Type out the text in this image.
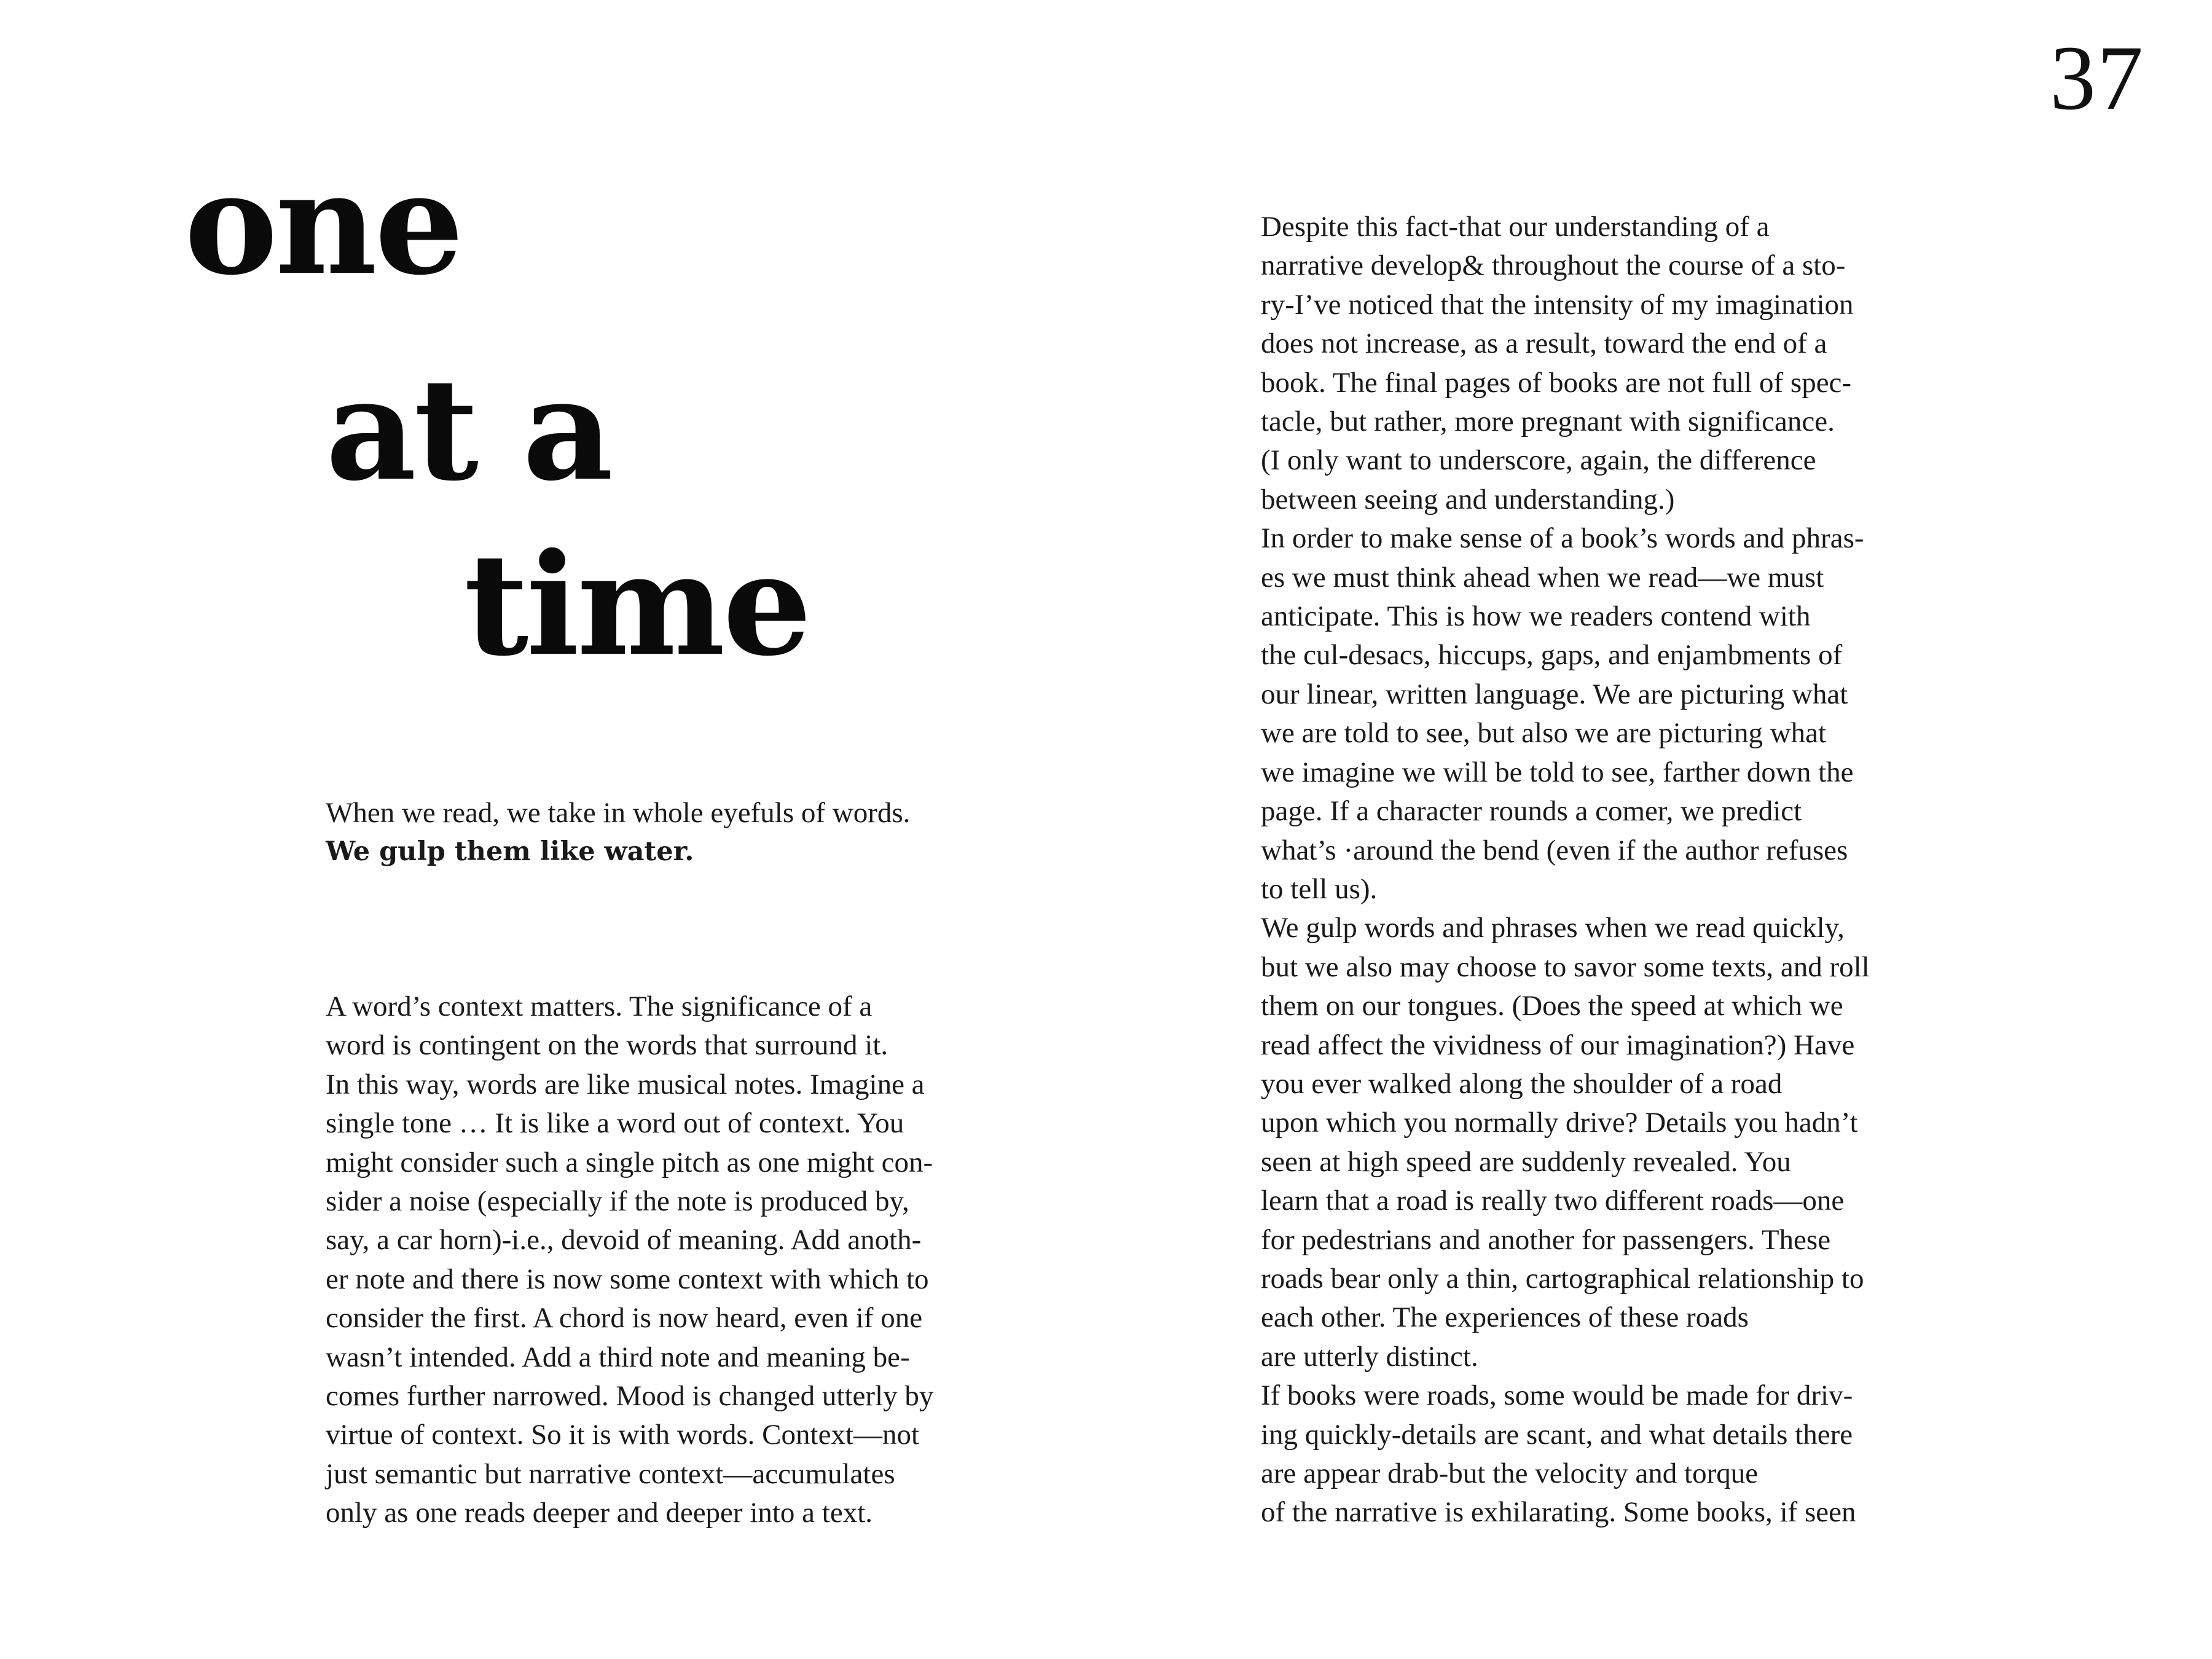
37
one
at a
time
When we read, we take in whole eyefuls of words.
We gulp them like water.
A word’s context matters. The significance of a
word is contingent on the words that surround it.
In this way, words are like musical notes. Imagine a
single tone … It is like a word out of context. You
might consider such a single pitch as one might con-
sider a noise (especially if the note is produced by,
say, a car horn)-i.e., devoid of meaning. Add anoth-
er note and there is now some context with which to
consider the first. A chord is now heard, even if one
wasn’t intended. Add a third note and meaning be-
comes further narrowed. Mood is changed utterly by
virtue of context. So it is with words. Context—not
just semantic but narrative context—accumulates
only as one reads deeper and deeper into a text.
Despite this fact-that our understanding of a
narrative develop& throughout the course of a sto-
ry-I’ve noticed that the intensity of my imagination
does not increase, as a result, toward the end of a
book. The final pages of books are not full of spec-
tacle, but rather, more pregnant with significance.
(I only want to underscore, again, the difference
between seeing and understanding.)
In order to make sense of a book’s words and phras-
es we must think ahead when we read—we must
anticipate. This is how we readers contend with
the cul-desacs, hiccups, gaps, and enjambments of
our linear, written language. We are picturing what
we are told to see, but also we are picturing what
we imagine we will be told to see, farther down the
page. If a character rounds a comer, we predict
what’s ·around the bend (even if the author refuses
to tell us).
We gulp words and phrases when we read quickly,
but we also may choose to savor some texts, and roll
them on our tongues. (Does the speed at which we
read affect the vividness of our imagination?) Have
you ever walked along the shoulder of a road
upon which you normally drive? Details you hadn’t
seen at high speed are suddenly revealed. You
learn that a road is really two different roads—one
for pedestrians and another for passengers. These
roads bear only a thin, cartographical relationship to
each other. The experiences of these roads
are utterly distinct.
If books were roads, some would be made for driv-
ing quickly-details are scant, and what details there
are appear drab-but the velocity and torque
of the narrative is exhilarating. Some books, if seen
